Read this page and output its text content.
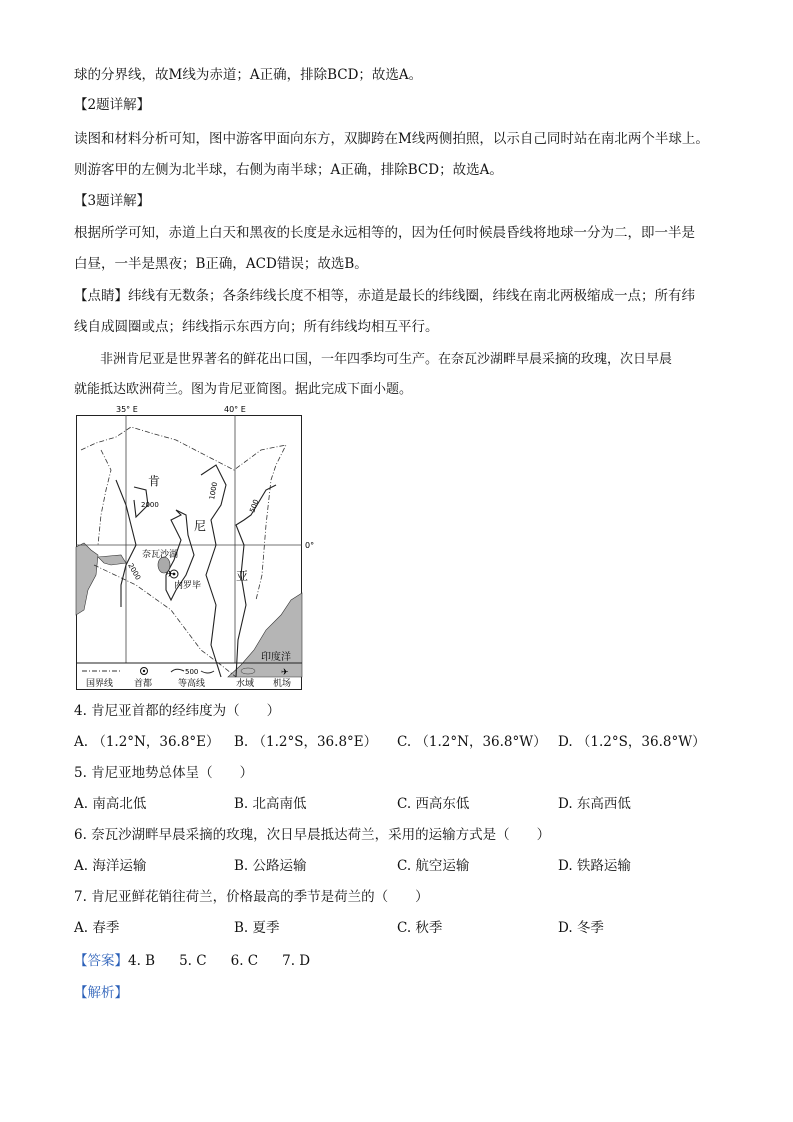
球的分界线，故M线为赤道；A正确，排除BCD；故选A。
【2题详解】
读图和材料分析可知，图中游客甲面向东方，双脚跨在M线两侧拍照，以示自己同时站在南北两个半球上。
则游客甲的左侧为北半球，右侧为南半球；A正确，排除BCD；故选A。
【3题详解】
根据所学可知，赤道上白天和黑夜的长度是永远相等的，因为任何时候晨昏线将地球一分为二，即一半是
白昼，一半是黑夜；B正确，ACD错误；故选B。
【点睛】纬线有无数条；各条纬线长度不相等，赤道是最长的纬线圈，纬线在南北两极缩成一点；所有纬
线自成圆圈或点；纬线指示东西方向；所有纬线均相互平行。
非洲肯尼亚是世界著名的鲜花出口国，一年四季均可生产。在奈瓦沙湖畔早晨采摘的玫瑰，次日早晨
就能抵达欧洲荷兰。图为肯尼亚简图。据此完成下面小题。
✈
35° E	40° E
0°
肯
尼
亚
奈瓦沙湖
内罗毕
印度洋
2000
1000
500
2000
500	✈
国界线 首都	等高线	水域 机场
4. 肯尼亚首都的经纬度为（　　）
A. （1.2°N，36.8°E） B. （1.2°S，36.8°E） C. （1.2°N，36.8°W） D. （1.2°S，36.8°W）
5. 肯尼亚地势总体呈（　　）
A. 南高北低	B. 北高南低	C. 西高东低	D. 东高西低
6. 奈瓦沙湖畔早晨采摘的玫瑰，次日早晨抵达荷兰，采用的运输方式是（　　）
A. 海洋运输	B. 公路运输	C. 航空运输	D. 铁路运输
7. 肯尼亚鲜花销往荷兰，价格最高的季节是荷兰的（　　）
A. 春季	B. 夏季	C. 秋季	D. 冬季
【答案】4. B 5. C 6. C 7. D
【解析】
